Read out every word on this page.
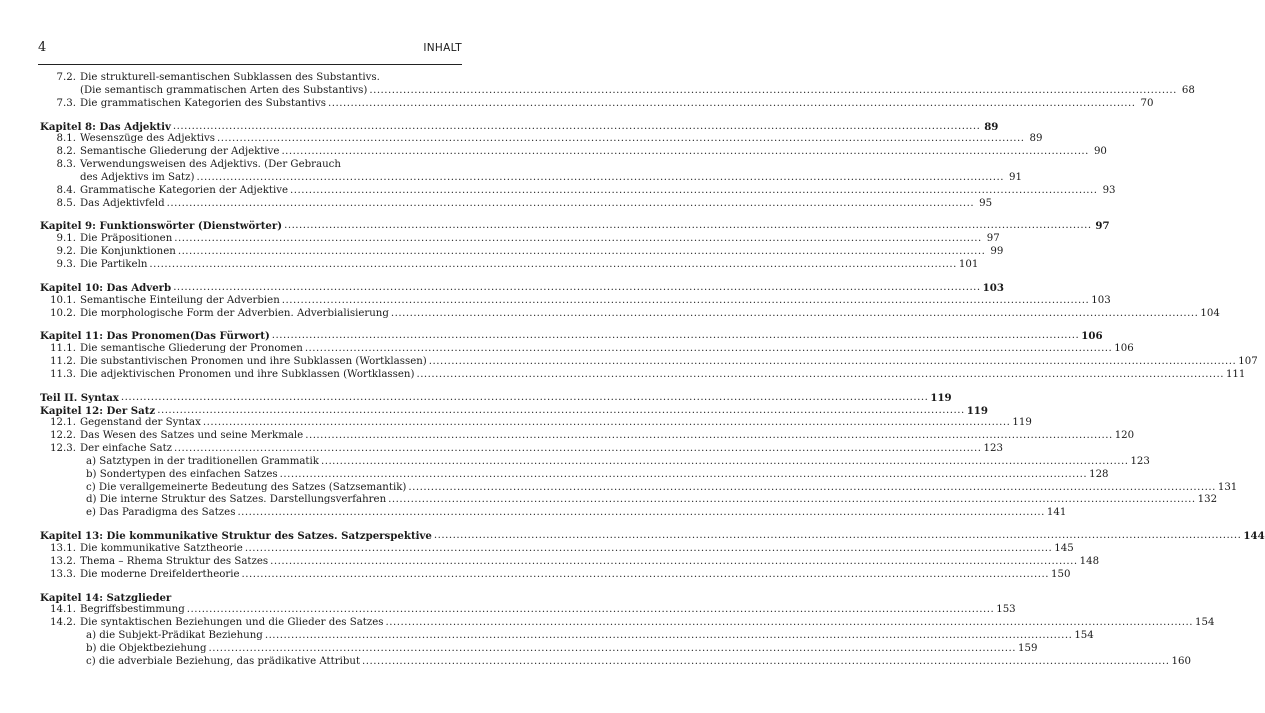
4	INHALT
7.2. Die strukturell-semantischen Subklassen des Substantivs.
(Die semantisch grammatischen Arten des Substantivs) .....	68
7.3. Die grammatischen Kategorien des Substantivs .....	70
Kapitel 8: Das Adjektiv .....	89
8.1. Wesenszüge des Adjektivs .....	89
8.2. Semantische Gliederung der Adjektive .....	90
8.3. Verwendungsweisen des Adjektivs. (Der Gebrauch
des Adjektivs im Satz) .....	91
8.4. Grammatische Kategorien der Adjektive .....	93
8.5. Das Adjektivfeld .....	95
Kapitel 9: Funktionswörter (Dienstwörter) .....	97
9.1. Die Präpositionen .....	97
9.2. Die Konjunktionen .....	99
9.3. Die Partikeln .....	101
Kapitel 10: Das Adverb .....	103
10.1. Semantische Einteilung der Adverbien .....	103
10.2. Die morphologische Form der Adverbien. Adverbialisierung .....	104
Kapitel 11: Das Pronomen(Das Fürwort) .....	106
11.1. Die semantische Gliederung der Pronomen .....	106
11.2. Die substantivischen Pronomen und ihre Subklassen (Wortklassen) .....	107
11.3. Die adjektivischen Pronomen und ihre Subklassen (Wortklassen) .....	111
Teil II. Syntax .....	119
Kapitel 12: Der Satz .....	119
12.1. Gegenstand der Syntax .....	119
12.2. Das Wesen des Satzes und seine Merkmale .....	120
12.3. Der einfache Satz .....	123
a) Satztypen in der traditionellen Grammatik .....	123
b) Sondertypen des einfachen Satzes .....	128
c) Die verallgemeinerte Bedeutung des Satzes (Satzsemantik) .....	131
d) Die interne Struktur des Satzes. Darstellungsverfahren .....	132
e) Das Paradigma des Satzes .....	141
Kapitel 13: Die kommunikative Struktur des Satzes. Satzperspektive .....	144
13.1. Die kommunikative Satztheorie .....	145
13.2. Thema – Rhema Struktur des Satzes .....	148
13.3. Die moderne Dreifeldertheorie .....	150
Kapitel 14: Satzglieder
14.1. Begriffsbestimmung .....	153
14.2. Die syntaktischen Beziehungen und die Glieder des Satzes .....	154
a) die Subjekt-Prädikat Beziehung .....	154
b) die Objektbeziehung .....	159
c) die adverbiale Beziehung, das prädikative Attribut .....	160
